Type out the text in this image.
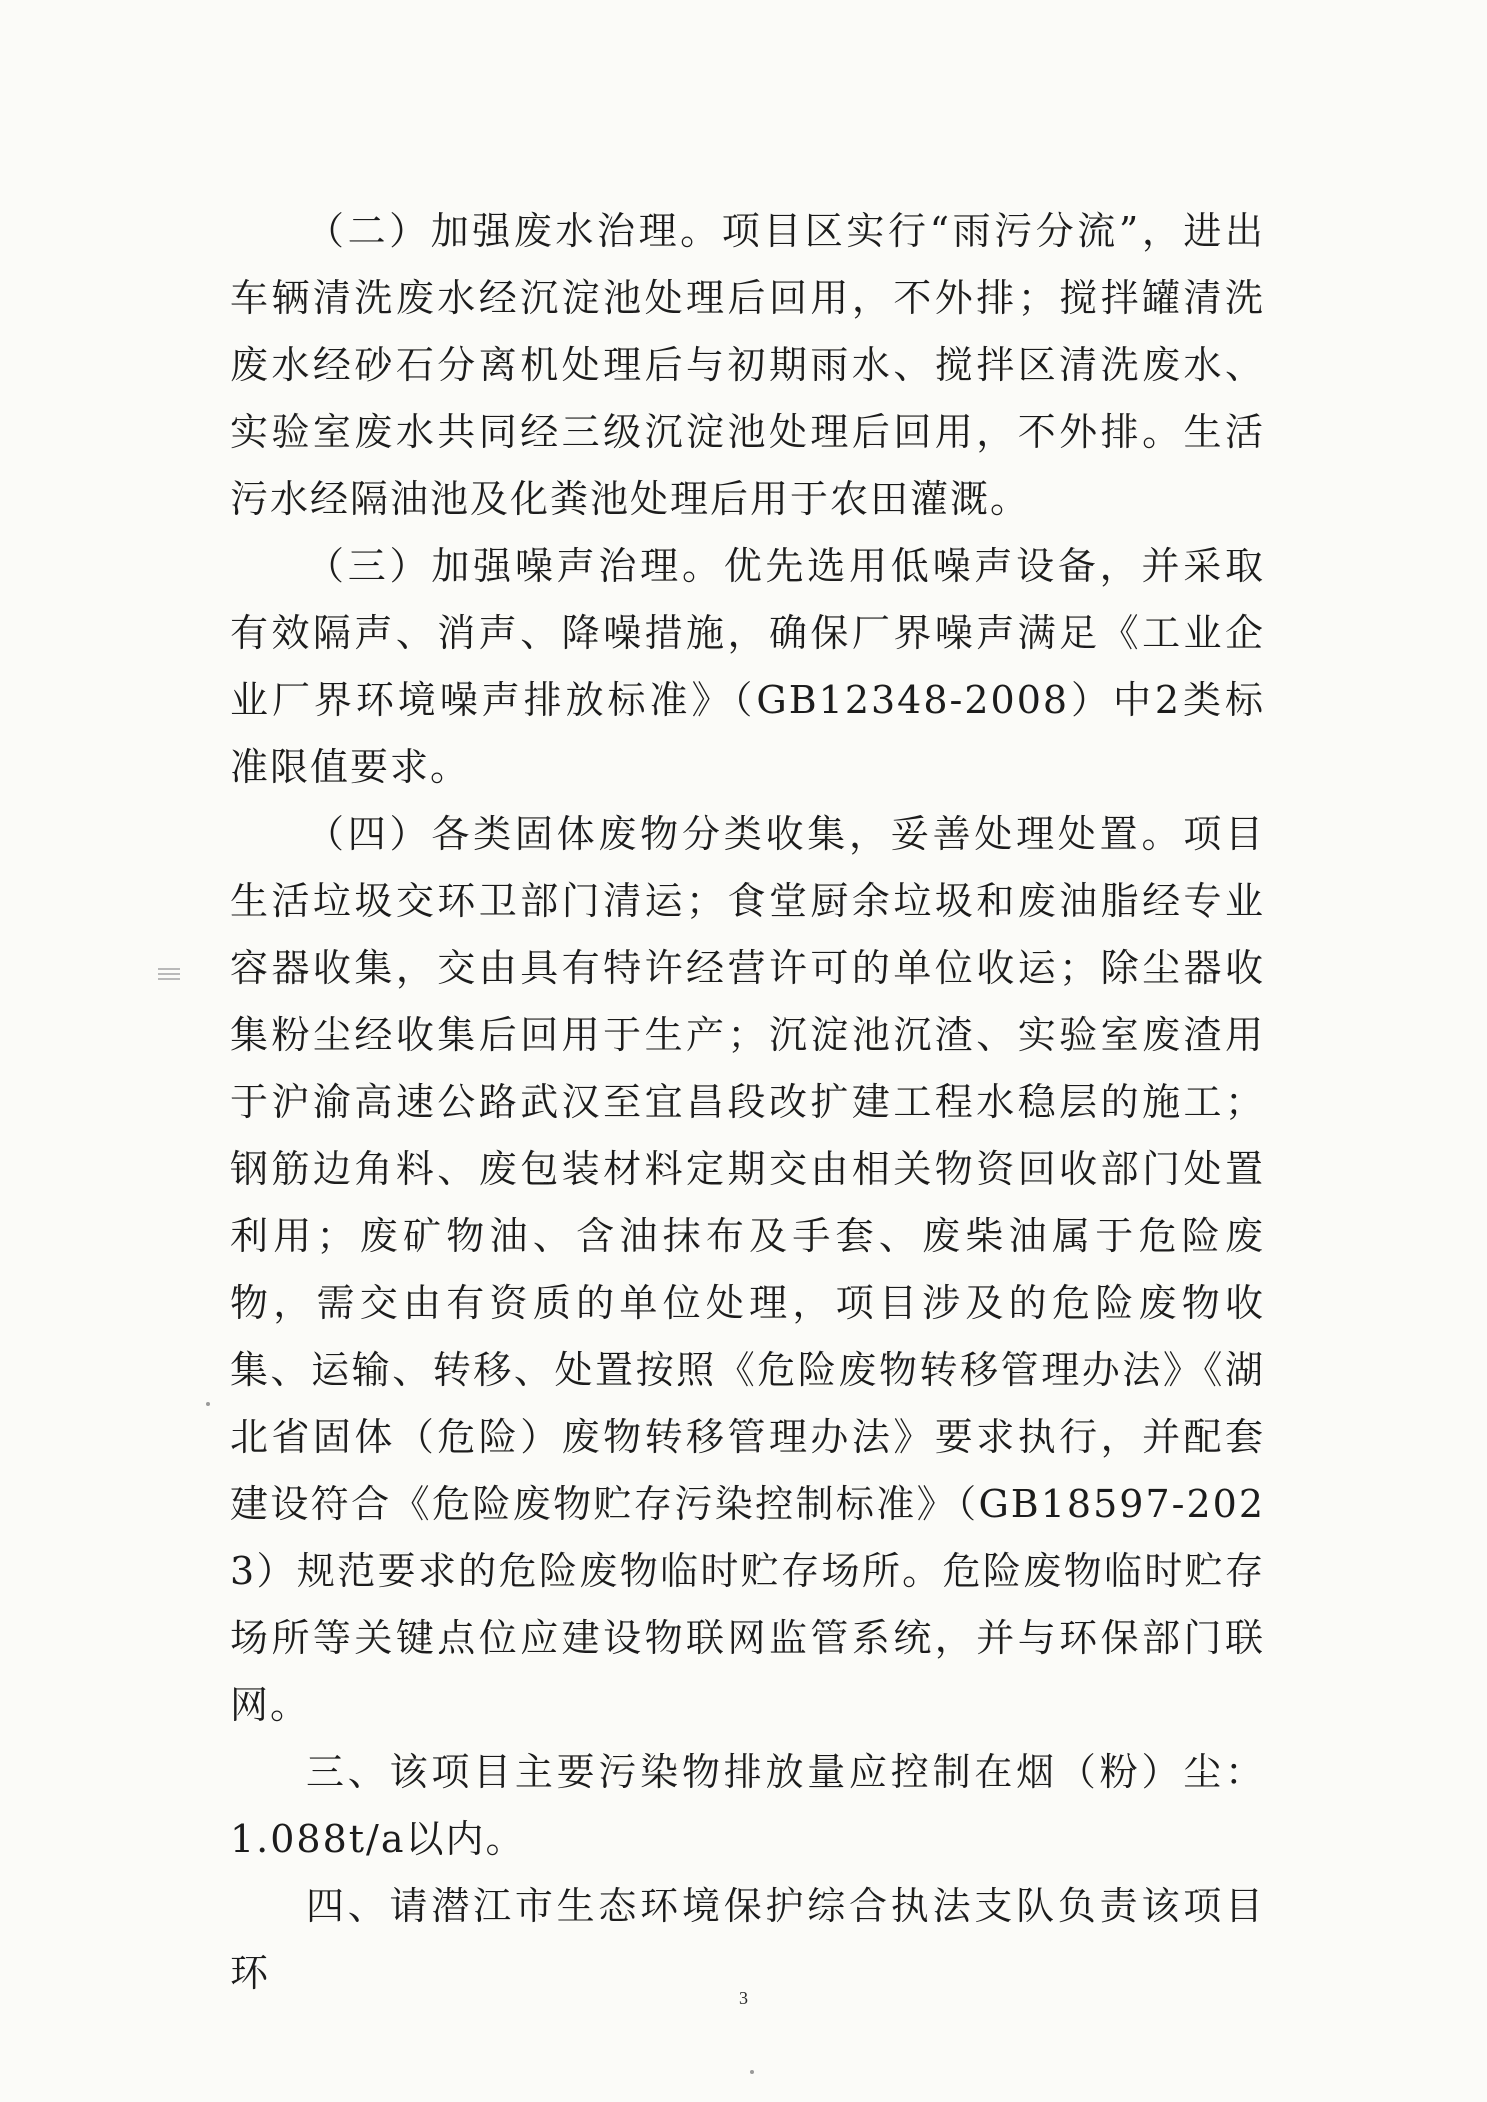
（二）加强废水治理。项目区实行“雨污分流”，进出车辆清洗废水经沉淀池处理后回用，不外排；搅拌罐清洗废水经砂石分离机处理后与初期雨水、搅拌区清洗废水、实验室废水共同经三级沉淀池处理后回用，不外排。生活污水经隔油池及化粪池处理后用于农田灌溉。

（三）加强噪声治理。优先选用低噪声设备，并采取有效隔声、消声、降噪措施，确保厂界噪声满足《工业企业厂界环境噪声排放标准》（GB12348-2008）中2类标准限值要求。

（四）各类固体废物分类收集，妥善处理处置。项目生活垃圾交环卫部门清运；食堂厨余垃圾和废油脂经专业容器收集，交由具有特许经营许可的单位收运；除尘器收集粉尘经收集后回用于生产；沉淀池沉渣、实验室废渣用于沪渝高速公路武汉至宜昌段改扩建工程水稳层的施工；钢筋边角料、废包装材料定期交由相关物资回收部门处置利用；废矿物油、含油抹布及手套、废柴油属于危险废物，需交由有资质的单位处理，项目涉及的危险废物收集、运输、转移、处置按照《危险废物转移管理办法》《湖北省固体（危险）废物转移管理办法》要求执行，并配套建设符合《危险废物贮存污染控制标准》（GB18597-2023）规范要求的危险废物临时贮存场所。危险废物临时贮存场所等关键点位应建设物联网监管系统，并与环保部门联网。

三、该项目主要污染物排放量应控制在烟（粉）尘：1.088t/a以内。

四、请潜江市生态环境保护综合执法支队负责该项目环

3
